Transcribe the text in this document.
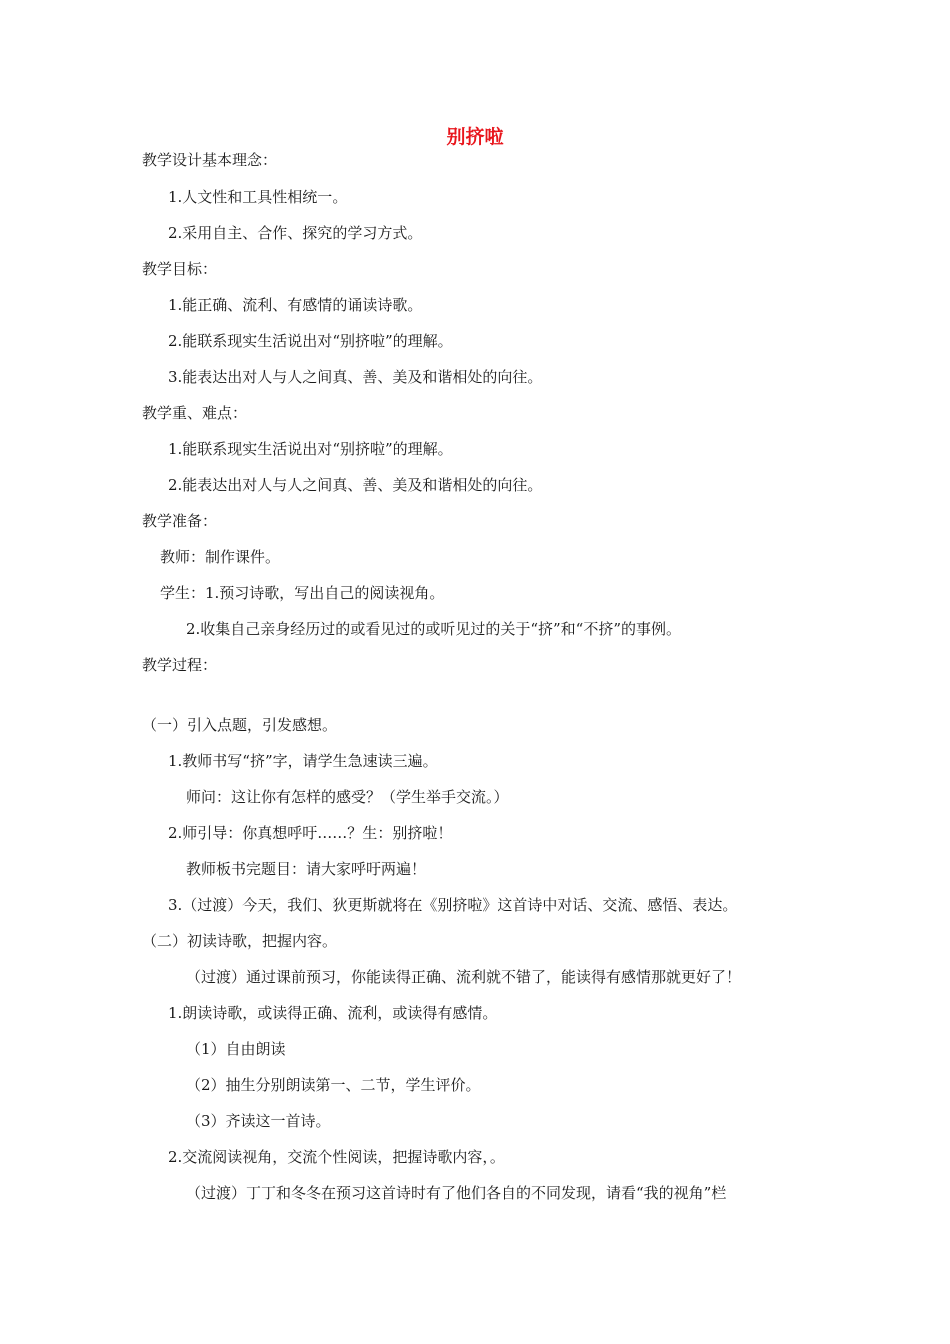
别挤啦
教学设计基本理念：
1.人文性和工具性相统一。
2.采用自主、合作、探究的学习方式。
教学目标：
1.能正确、流利、有感情的诵读诗歌。
2.能联系现实生活说出对“别挤啦”的理解。
3.能表达出对人与人之间真、善、美及和谐相处的向往。
教学重、难点：
1.能联系现实生活说出对“别挤啦”的理解。
2.能表达出对人与人之间真、善、美及和谐相处的向往。
教学准备：
教师：制作课件。
学生：1.预习诗歌，写出自己的阅读视角。
2.收集自己亲身经历过的或看见过的或听见过的关于“挤”和“不挤”的事例。
教学过程：
（一）引入点题，引发感想。
1.教师书写“挤”字，请学生急速读三遍。
师问：这让你有怎样的感受？（学生举手交流。）
2.师引导：你真想呼吁……？生：别挤啦！
教师板书完题目：请大家呼吁两遍！
3.（过渡）今天，我们、狄更斯就将在《别挤啦》这首诗中对话、交流、感悟、表达。
（二）初读诗歌，把握内容。
（过渡）通过课前预习，你能读得正确、流利就不错了，能读得有感情那就更好了！
1.朗读诗歌，或读得正确、流利，或读得有感情。
（1）自由朗读
（2）抽生分别朗读第一、二节，学生评价。
（3）齐读这一首诗。
2.交流阅读视角，交流个性阅读，把握诗歌内容，。
（过渡）丁丁和冬冬在预习这首诗时有了他们各自的不同发现，请看“我的视角”栏
